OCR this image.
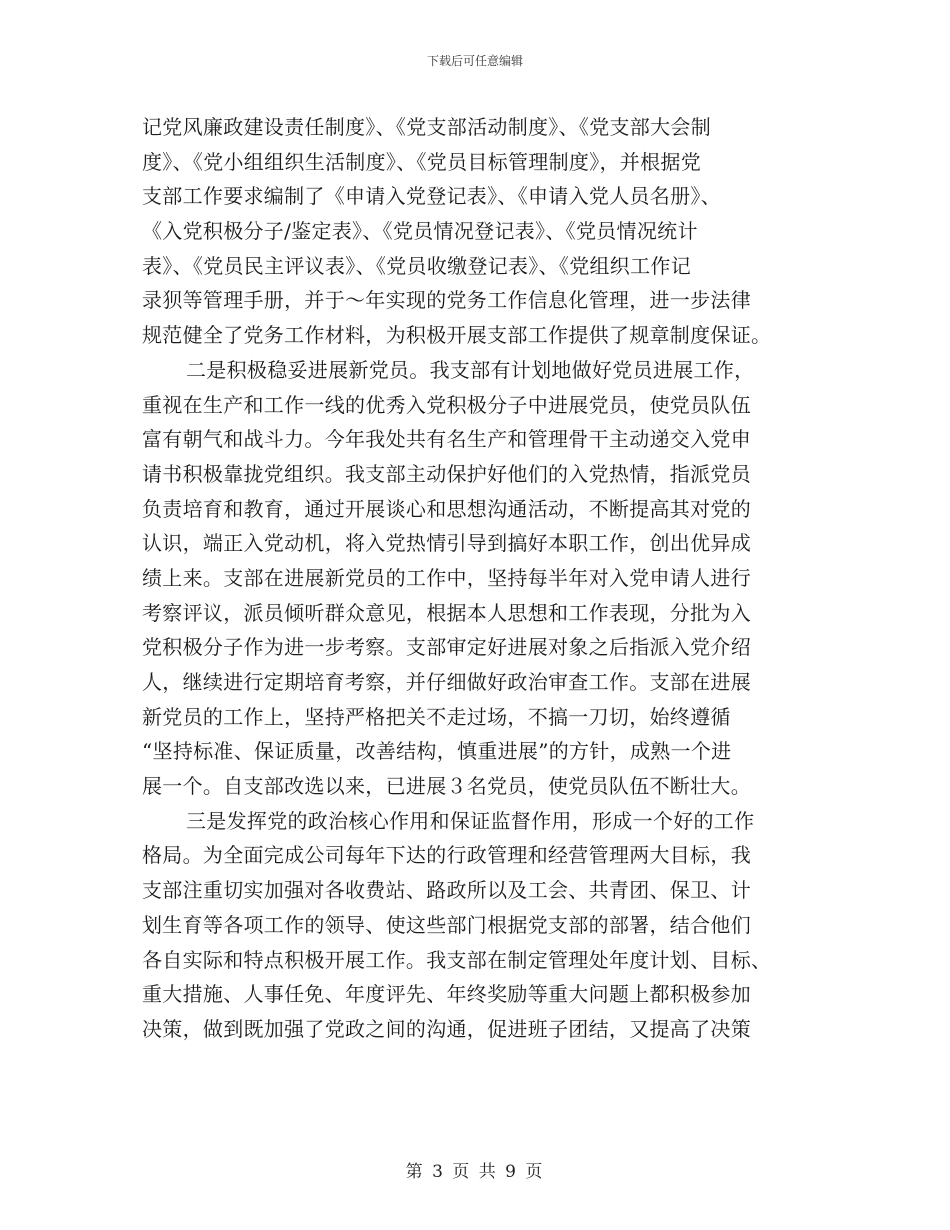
下载后可任意编辑
记党风廉政建设责任制度》、《党支部活动制度》、《党支部大会制
度》、《党小组组织生活制度》、《党员目标管理制度》，并根据党
支部工作要求编制了《申请入党登记表》、《申请入党人员名册》、
《入党积极分子/鉴定表》、《党员情况登记表》、《党员情况统计
表》、《党员民主评议表》、《党员收缴登记表》、《党组织工作记
录狈等管理手册，并于～年实现的党务工作信息化管理，进一步法律
规范健全了党务工作材料，为积极开展支部工作提供了规章制度保证。
二是积极稳妥进展新党员。我支部有计划地做好党员进展工作，
重视在生产和工作一线的优秀入党积极分子中进展党员，使党员队伍
富有朝气和战斗力。今年我处共有名生产和管理骨干主动递交入党申
请书积极靠拢党组织。我支部主动保护好他们的入党热情，指派党员
负责培育和教育，通过开展谈心和思想沟通活动，不断提高其对党的
认识，端正入党动机，将入党热情引导到搞好本职工作，创出优异成
绩上来。支部在进展新党员的工作中，坚持每半年对入党申请人进行
考察评议，派员倾听群众意见，根据本人思想和工作表现，分批为入
党积极分子作为进一步考察。支部审定好进展对象之后指派入党介绍
人，继续进行定期培育考察，并仔细做好政治审查工作。支部在进展
新党员的工作上，坚持严格把关不走过场，不搞一刀切，始终遵循
“坚持标准、保证质量，改善结构，慎重进展”的方针，成熟一个进
展一个。自支部改选以来，已进展３名党员，使党员队伍不断壮大。
三是发挥党的政治核心作用和保证监督作用，形成一个好的工作
格局。为全面完成公司每年下达的行政管理和经营管理两大目标，我
支部注重切实加强对各收费站、路政所以及工会、共青团、保卫、计
划生育等各项工作的领导、使这些部门根据党支部的部署，结合他们
各自实际和特点积极开展工作。我支部在制定管理处年度计划、目标、
重大措施、人事任免、年度评先、年终奖励等重大问题上都积极参加
决策，做到既加强了党政之间的沟通，促进班子团结，又提高了决策
第 3 页 共 9 页
